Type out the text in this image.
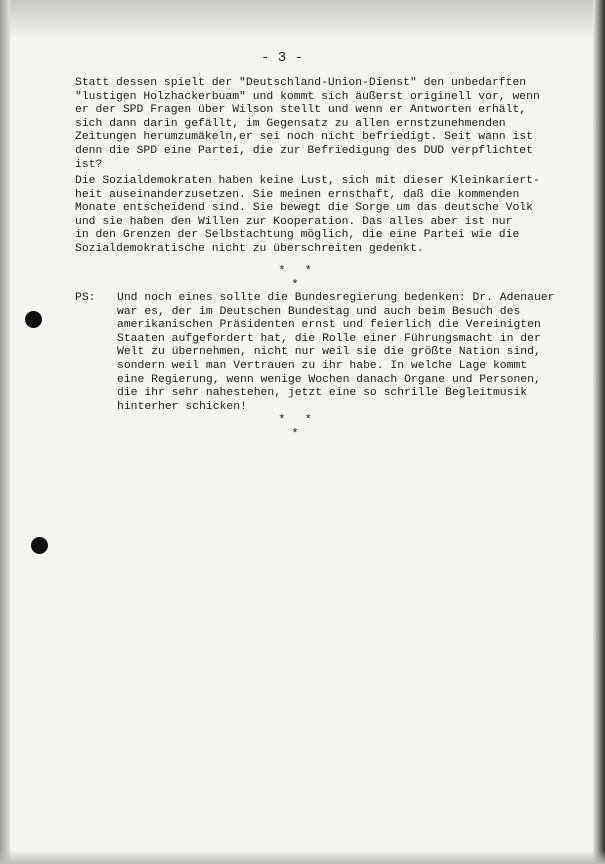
- 3 -

Statt dessen spielt der "Deutschland-Union-Dienst" den unbedarften
"lustigen Holzhackerbuam" und kommt sich äußerst originell vor, wenn
er der SPD Fragen über Wilson stellt und wenn er Antworten erhält,
sich dann darin gefällt, im Gegensatz zu allen ernstzunehmenden
Zeitungen herumzumäkeln,er sei noch nicht befriedigt. Seit wann ist
denn die SPD eine Partei, die zur Befriedigung des DUD verpflichtet
ist?

Die Sozialdemokraten haben keine Lust, sich mit dieser Kleinkariert-
heit auseinanderzusetzen. Sie meinen ernsthaft, daß die kommenden
Monate entscheidend sind. Sie bewegt die Sorge um das deutsche Volk
und sie haben den Willen zur Kooperation. Das alles aber ist nur
in den Grenzen der Selbstachtung möglich, die eine Partei wie die
Sozialdemokratische nicht zu überschreiten gedenkt.

* * *

PS: Und noch eines sollte die Bundesregierung bedenken: Dr. Adenauer
war es, der im Deutschen Bundestag und auch beim Besuch des
amerikanischen Präsidenten ernst und feierlich die Vereinigten
Staaten aufgefordert hat, die Rolle einer Führungsmacht in der
Welt zu übernehmen, nicht nur weil sie die größte Nation sind,
sondern weil man Vertrauen zu ihr habe. In welche Lage kommt
eine Regierung, wenn wenige Wochen danach Organe und Personen,
die ihr sehr nahestehen, jetzt eine so schrille Begleitmusik
hinterher schicken!

* * *
